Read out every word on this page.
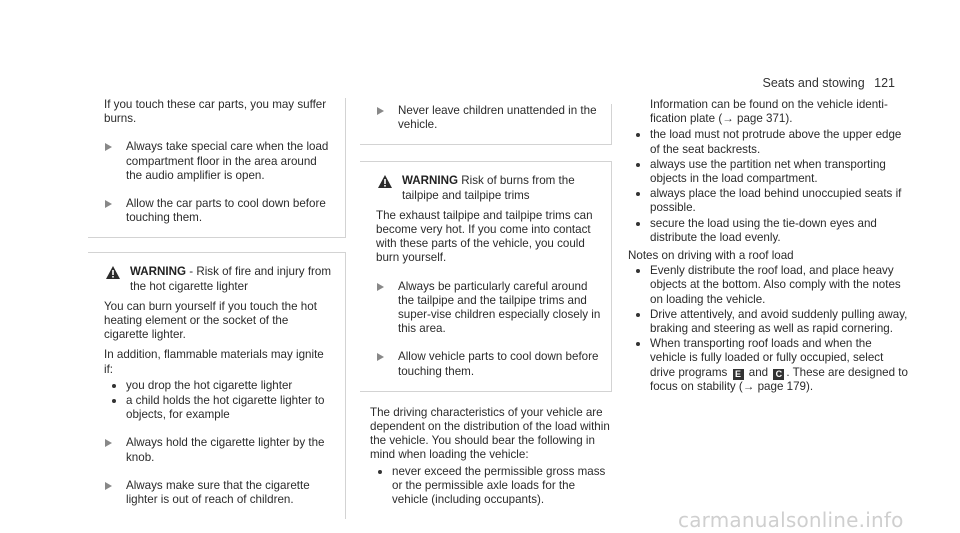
Seats and stowing 121

If you touch these car parts, you may suffer burns.

Always take special care when the load compartment floor in the area around the audio amplifier is open.
Allow the car parts to cool down before touching them.
WARNING - Risk of fire and injury from the hot cigarette lighter

You can burn yourself if you touch the hot heating element or the socket of the cigarette lighter.

In addition, flammable materials may ignite if:

you drop the hot cigarette lighter
a child holds the hot cigarette lighter to objects, for example
Always hold the cigarette lighter by the knob.
Always make sure that the cigarette lighter is out of reach of children.
Never leave children unattended in the vehicle.
WARNING Risk of burns from the tailpipe and tailpipe trims

The exhaust tailpipe and tailpipe trims can become very hot. If you come into contact with these parts of the vehicle, you could burn yourself.

Always be particularly careful around the tailpipe and the tailpipe trims and super-vise children especially closely in this area.
Allow vehicle parts to cool down before touching them.

The driving characteristics of your vehicle are dependent on the distribution of the load within the vehicle. You should bear the following in mind when loading the vehicle:

never exceed the permissible gross mass or the permissible axle loads for the vehicle (including occupants).

Information can be found on the vehicle identi-fication plate (→ page 371).

the load must not protrude above the upper edge of the seat backrests.
always use the partition net when transporting objects in the load compartment.
always place the load behind unoccupied seats if possible.
secure the load using the tie-down eyes and distribute the load evenly.

Notes on driving with a roof load

Evenly distribute the roof load, and place heavy objects at the bottom. Also comply with the notes on loading the vehicle.
Drive attentively, and avoid suddenly pulling away, braking and steering as well as rapid cornering.
When transporting roof loads and when the vehicle is fully loaded or fully occupied, select drive programs E and C . These are designed to focus on stability (→ page 179).
carmanualsonline.info
